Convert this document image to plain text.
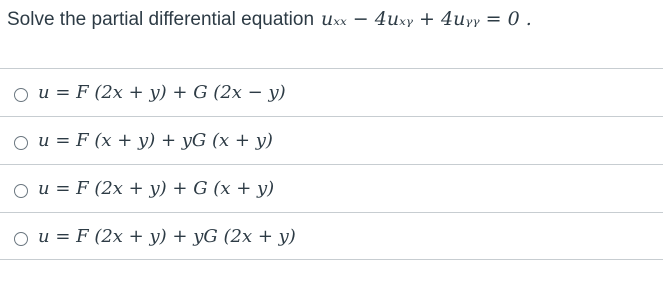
Solve the partial differential equation uₓₓ − 4uₓᵧ + 4uᵧᵧ = 0 .
u = F (2x + y) + G (2x − y)
u = F (x + y) + yG (x + y)
u = F (2x + y) + G (x + y)
u = F (2x + y) + yG (2x + y)
